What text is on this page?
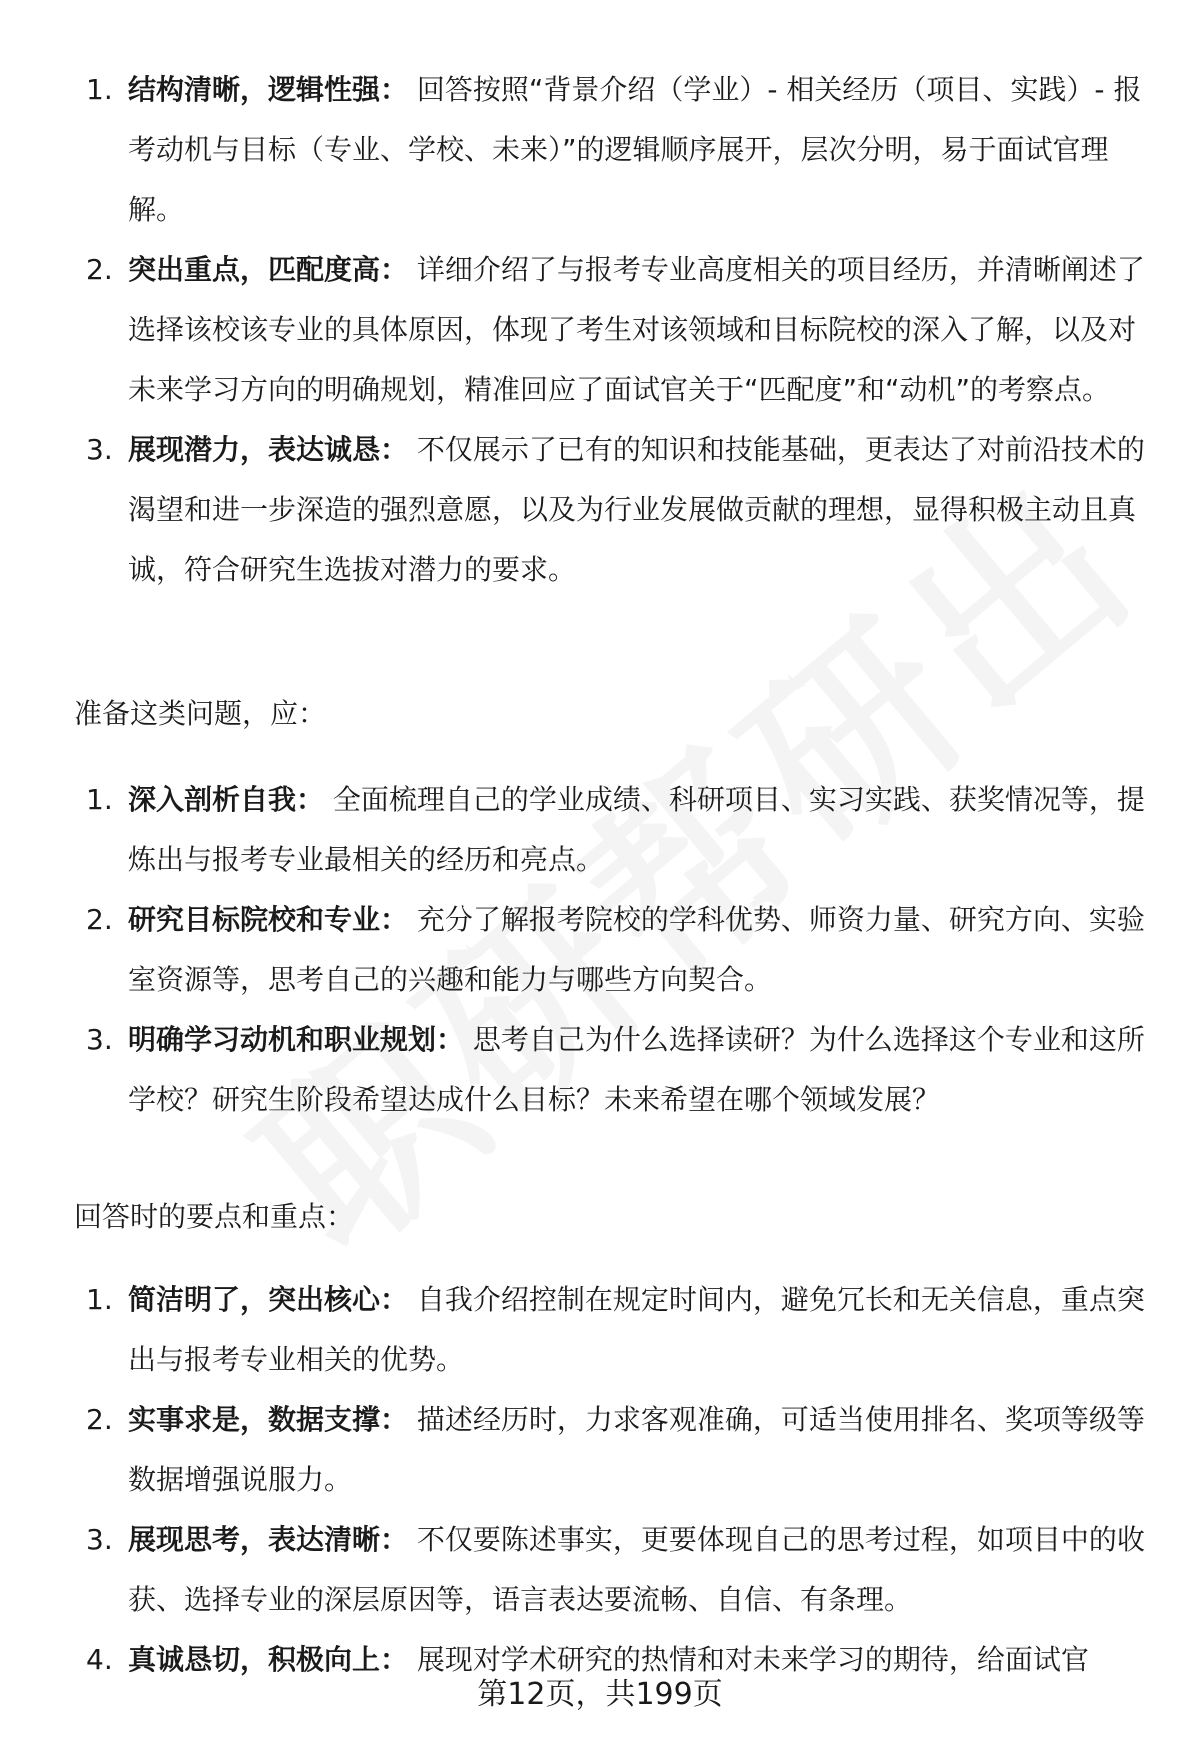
1. 结构清晰，逻辑性强： 回答按照“背景介绍（学业）- 相关经历（项目、实践）- 报考动机与目标（专业、学校、未来）”的逻辑顺序展开，层次分明，易于面试官理解。
2. 突出重点，匹配度高： 详细介绍了与报考专业高度相关的项目经历，并清晰阐述了选择该校该专业的具体原因，体现了考生对该领域和目标院校的深入了解，以及对未来学习方向的明确规划，精准回应了面试官关于“匹配度”和“动机”的考察点。
3. 展现潜力，表达诚恳： 不仅展示了已有的知识和技能基础，更表达了对前沿技术的渴望和进一步深造的强烈意愿，以及为行业发展做贡献的理想，显得积极主动且真诚，符合研究生选拔对潜力的要求。

准备这类问题，应：

1. 深入剖析自我： 全面梳理自己的学业成绩、科研项目、实习实践、获奖情况等，提炼出与报考专业最相关的经历和亮点。
2. 研究目标院校和专业： 充分了解报考院校的学科优势、师资力量、研究方向、实验室资源等，思考自己的兴趣和能力与哪些方向契合。
3. 明确学习动机和职业规划： 思考自己为什么选择读研？为什么选择这个专业和这所学校？研究生阶段希望达成什么目标？未来希望在哪个领域发展？

回答时的要点和重点：

1. 简洁明了，突出核心： 自我介绍控制在规定时间内，避免冗长和无关信息，重点突出与报考专业相关的优势。
2. 实事求是，数据支撑： 描述经历时，力求客观准确，可适当使用排名、奖项等级等数据增强说服力。
3. 展现思考，表达清晰： 不仅要陈述事实，更要体现自己的思考过程，如项目中的收获、选择专业的深层原因等，语言表达要流畅、自信、有条理。
4. 真诚恳切，积极向上： 展现对学术研究的热情和对未来学习的期待，给面试官
第12页，共199页
